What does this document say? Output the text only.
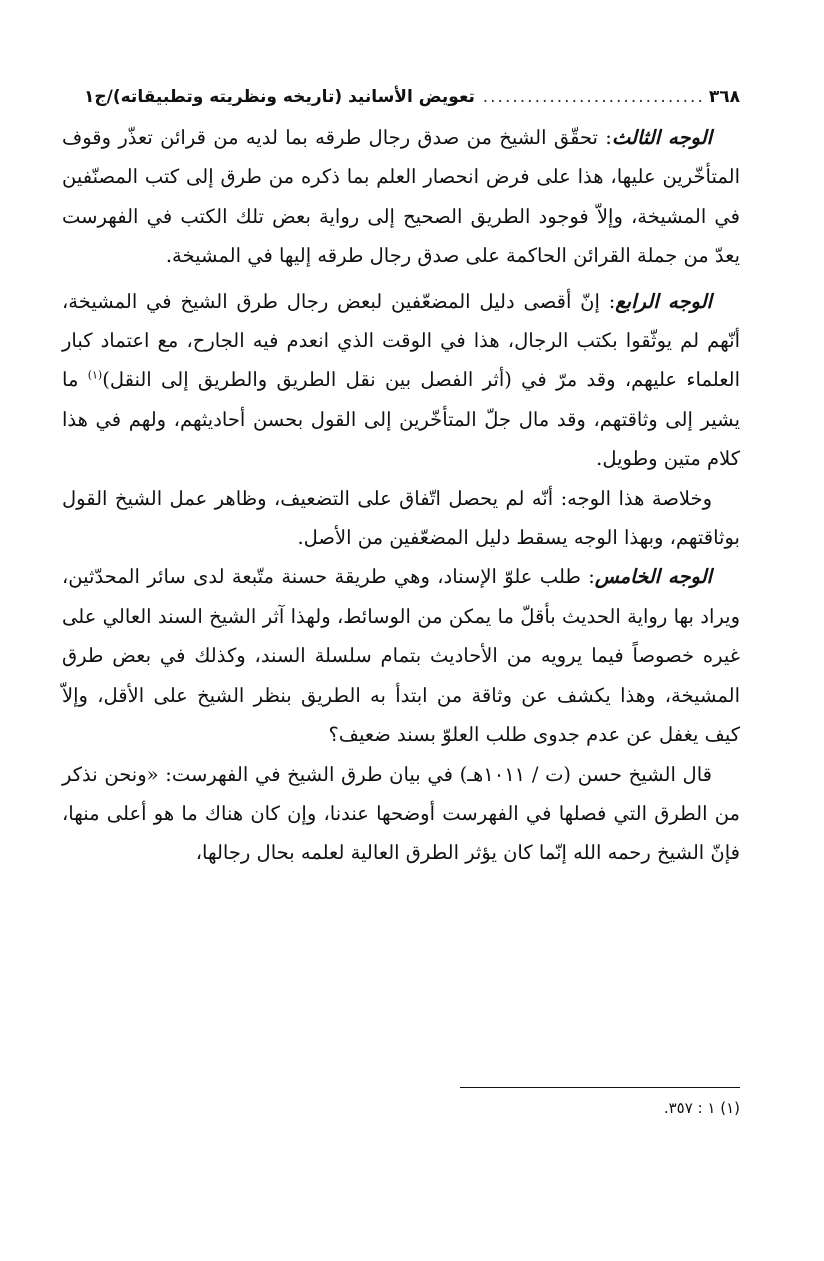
٣٦٨
.....
تعويض الأسانيد (تاريخه ونظريته وتطبيقاته)/ج١

الوجه الثالث: تحقّق الشيخ من صدق رجال طرقه بما لديه من قرائن تعذّر وقوف المتأخّرين عليها، هذا على فرض انحصار العلم بما ذكره من طرق إلى كتب المصنّفين في المشيخة، وإلاّ فوجود الطريق الصحيح إلى رواية بعض تلك الكتب في الفهرست يعدّ من جملة القرائن الحاكمة على صدق رجال طرقه إليها في المشيخة.

الوجه الرابع: إنّ أقصى دليل المضعّفين لبعض رجال طرق الشيخ في المشيخة، أنّهم لم يوثّقوا بكتب الرجال، هذا في الوقت الذي انعدم فيه الجارح، مع اعتماد كبار العلماء عليهم، وقد مرّ في (أثر الفصل بين نقل الطريق والطريق إلى النقل)$^{(١)}$ ما يشير إلى وثاقتهم، وقد مال جلّ المتأخّرين إلى القول بحسن أحاديثهم، ولهم في هذا كلام متين وطويل.

وخلاصة هذا الوجه: أنّه لم يحصل اتّفاق على التضعيف، وظاهر عمل الشيخ القول بوثاقتهم، وبهذا الوجه يسقط دليل المضعّفين من الأصل.

الوجه الخامس: طلب علوّ الإسناد، وهي طريقة حسنة متّبعة لدى سائر المحدّثين، ويراد بها رواية الحديث بأقلّ ما يمكن من الوسائط، ولهذا آثر الشيخ السند العالي على غيره خصوصاً فيما يرويه من الأحاديث بتمام سلسلة السند، وكذلك في بعض طرق المشيخة، وهذا يكشف عن وثاقة من ابتدأ به الطريق بنظر الشيخ على الأقل، وإلاّ كيف يغفل عن عدم جدوى طلب العلوّ بسند ضعيف؟

قال الشيخ حسن (ت / ١٠١١هـ) في بيان طرق الشيخ في الفهرست: «ونحن نذكر من الطرق التي فصلها في الفهرست أوضحها عندنا، وإن كان هناك ما هو أعلى منها، فإنّ الشيخ رحمه الله إنّما كان يؤثر الطرق العالية لعلمه بحال رجالها،

(١) ١ : ٣٥٧.
